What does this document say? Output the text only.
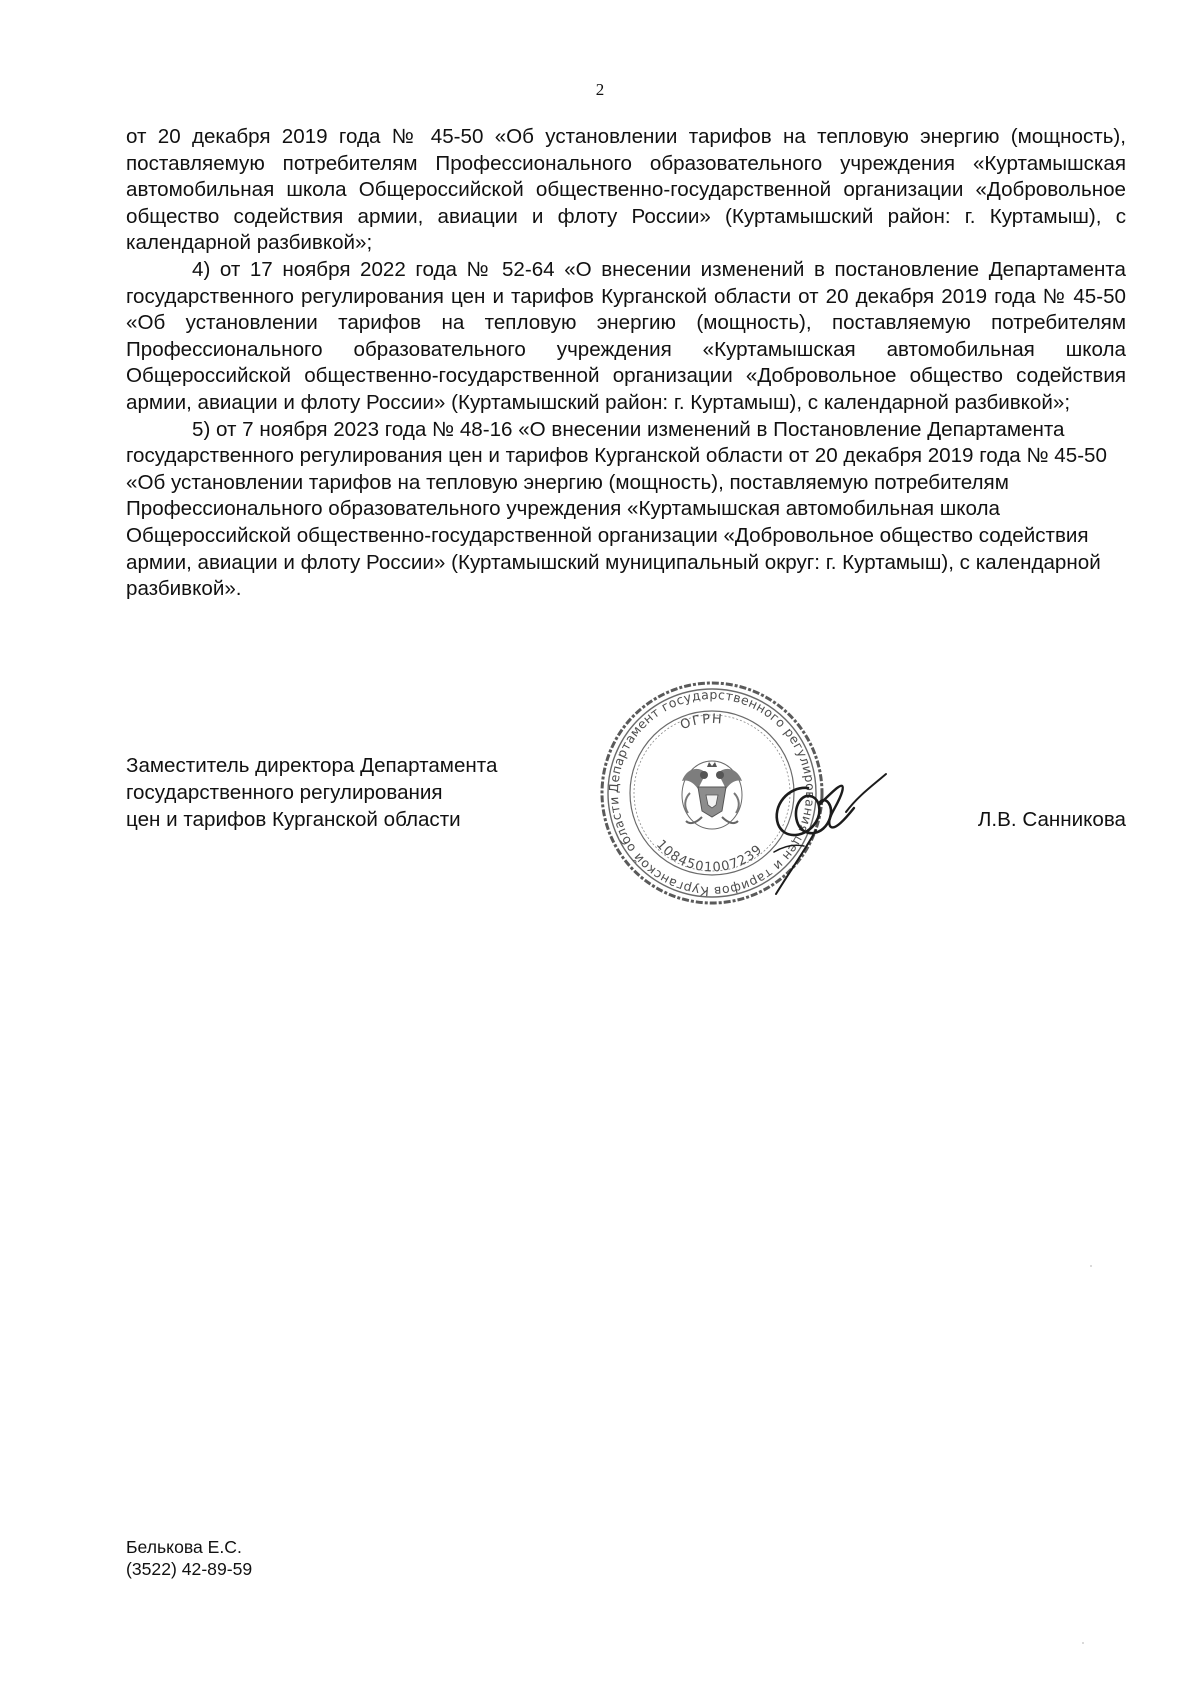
2

от 20 декабря 2019 года № 45-50 «Об установлении тарифов на тепловую энергию (мощность), поставляемую потребителям Профессионального образовательного учреждения «Куртамышская автомобильная школа Общероссийской общественно-государственной организации «Добровольное общество содействия армии, авиации и флоту России» (Куртамышский район: г. Куртамыш), с календарной разбивкой»;

4) от 17 ноября 2022 года № 52-64 «О внесении изменений в постановление Департамента государственного регулирования цен и тарифов Курганской области от 20 декабря 2019 года № 45-50 «Об установлении тарифов на тепловую энергию (мощность), поставляемую потребителям Профессионального образовательного учреждения «Куртамышская автомобильная школа Общероссийской общественно-государственной организации «Добровольное общество содействия армии, авиации и флоту России» (Куртамышский район: г. Куртамыш), с календарной разбивкой»;

5) от 7 ноября 2023 года № 48-16 «О внесении изменений в Постановление Департамента государственного регулирования цен и тарифов Курганской области от 20 декабря 2019 года № 45-50 «Об установлении тарифов на тепловую энергию (мощность), поставляемую потребителям Профессионального образовательного учреждения «Куртамышская автомобильная школа Общероссийской общественно-государственной организации «Добровольное общество содействия армии, авиации и флоту России» (Куртамышский муниципальный округ: г. Куртамыш), с календарной разбивкой».

Заместитель директора Департамента
государственного регулирования
цен и тарифов Курганской области
Департамент государственного регулирования цен и тарифов Курганской области
ОГРН
1084501007239
Л.В. Санникова
Белькова Е.С.
(3522) 42-89-59
